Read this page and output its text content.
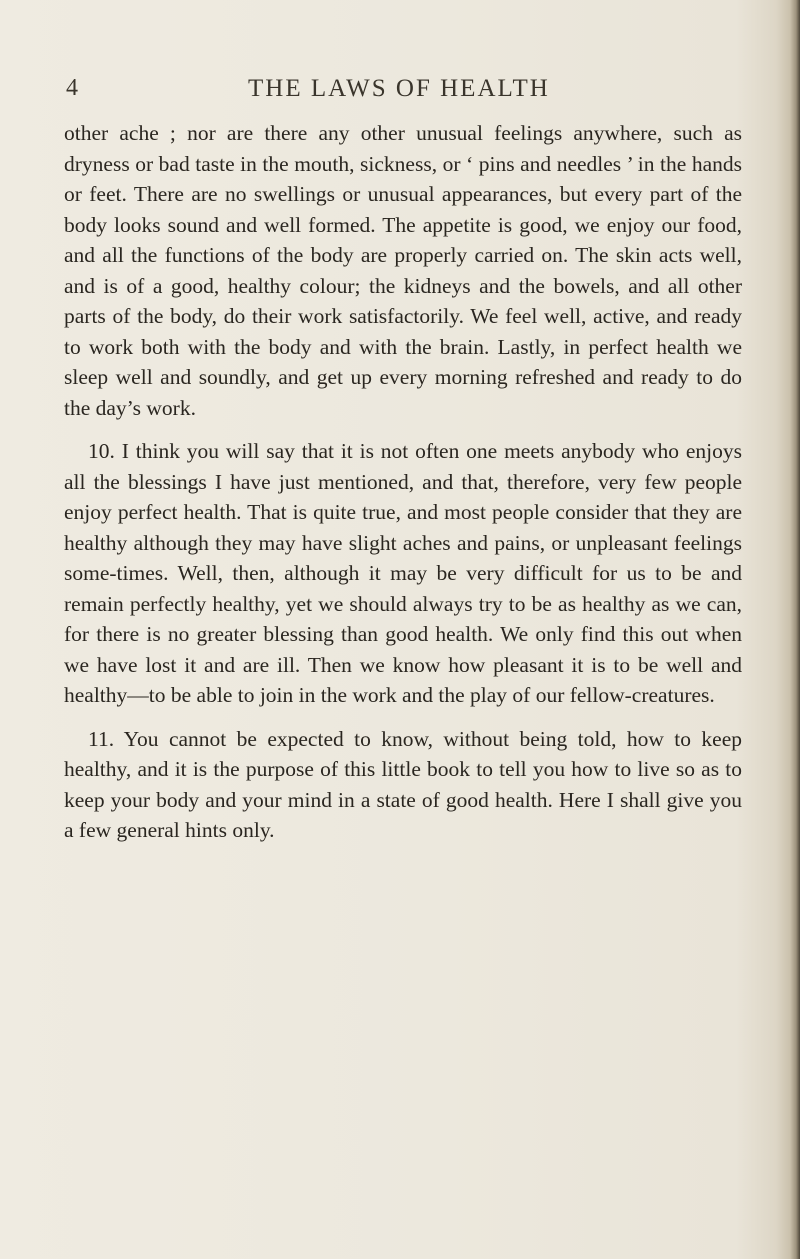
4	THE LAWS OF HEALTH

other ache ; nor are there any other unusual feelings anywhere, such as dryness or bad taste in the mouth, sickness, or ‘ pins and needles ’ in the hands or feet. There are no swellings or unusual appearances, but every part of the body looks sound and well formed. The appetite is good, we enjoy our food, and all the functions of the body are properly carried on. The skin acts well, and is of a good, healthy colour; the kidneys and the bowels, and all other parts of the body, do their work satisfactorily. We feel well, active, and ready to work both with the body and with the brain. Lastly, in perfect health we sleep well and soundly, and get up every morning refreshed and ready to do the day’s work.

10. I think you will say that it is not often one meets anybody who enjoys all the blessings I have just mentioned, and that, therefore, very few people enjoy perfect health. That is quite true, and most people consider that they are healthy although they may have slight aches and pains, or unpleasant feelings some-times. Well, then, although it may be very difficult for us to be and remain perfectly healthy, yet we should always try to be as healthy as we can, for there is no greater blessing than good health. We only find this out when we have lost it and are ill. Then we know how pleasant it is to be well and healthy—to be able to join in the work and the play of our fellow-creatures.

11. You cannot be expected to know, without being told, how to keep healthy, and it is the purpose of this little book to tell you how to live so as to keep your body and your mind in a state of good health. Here I shall give you a few general hints only.
